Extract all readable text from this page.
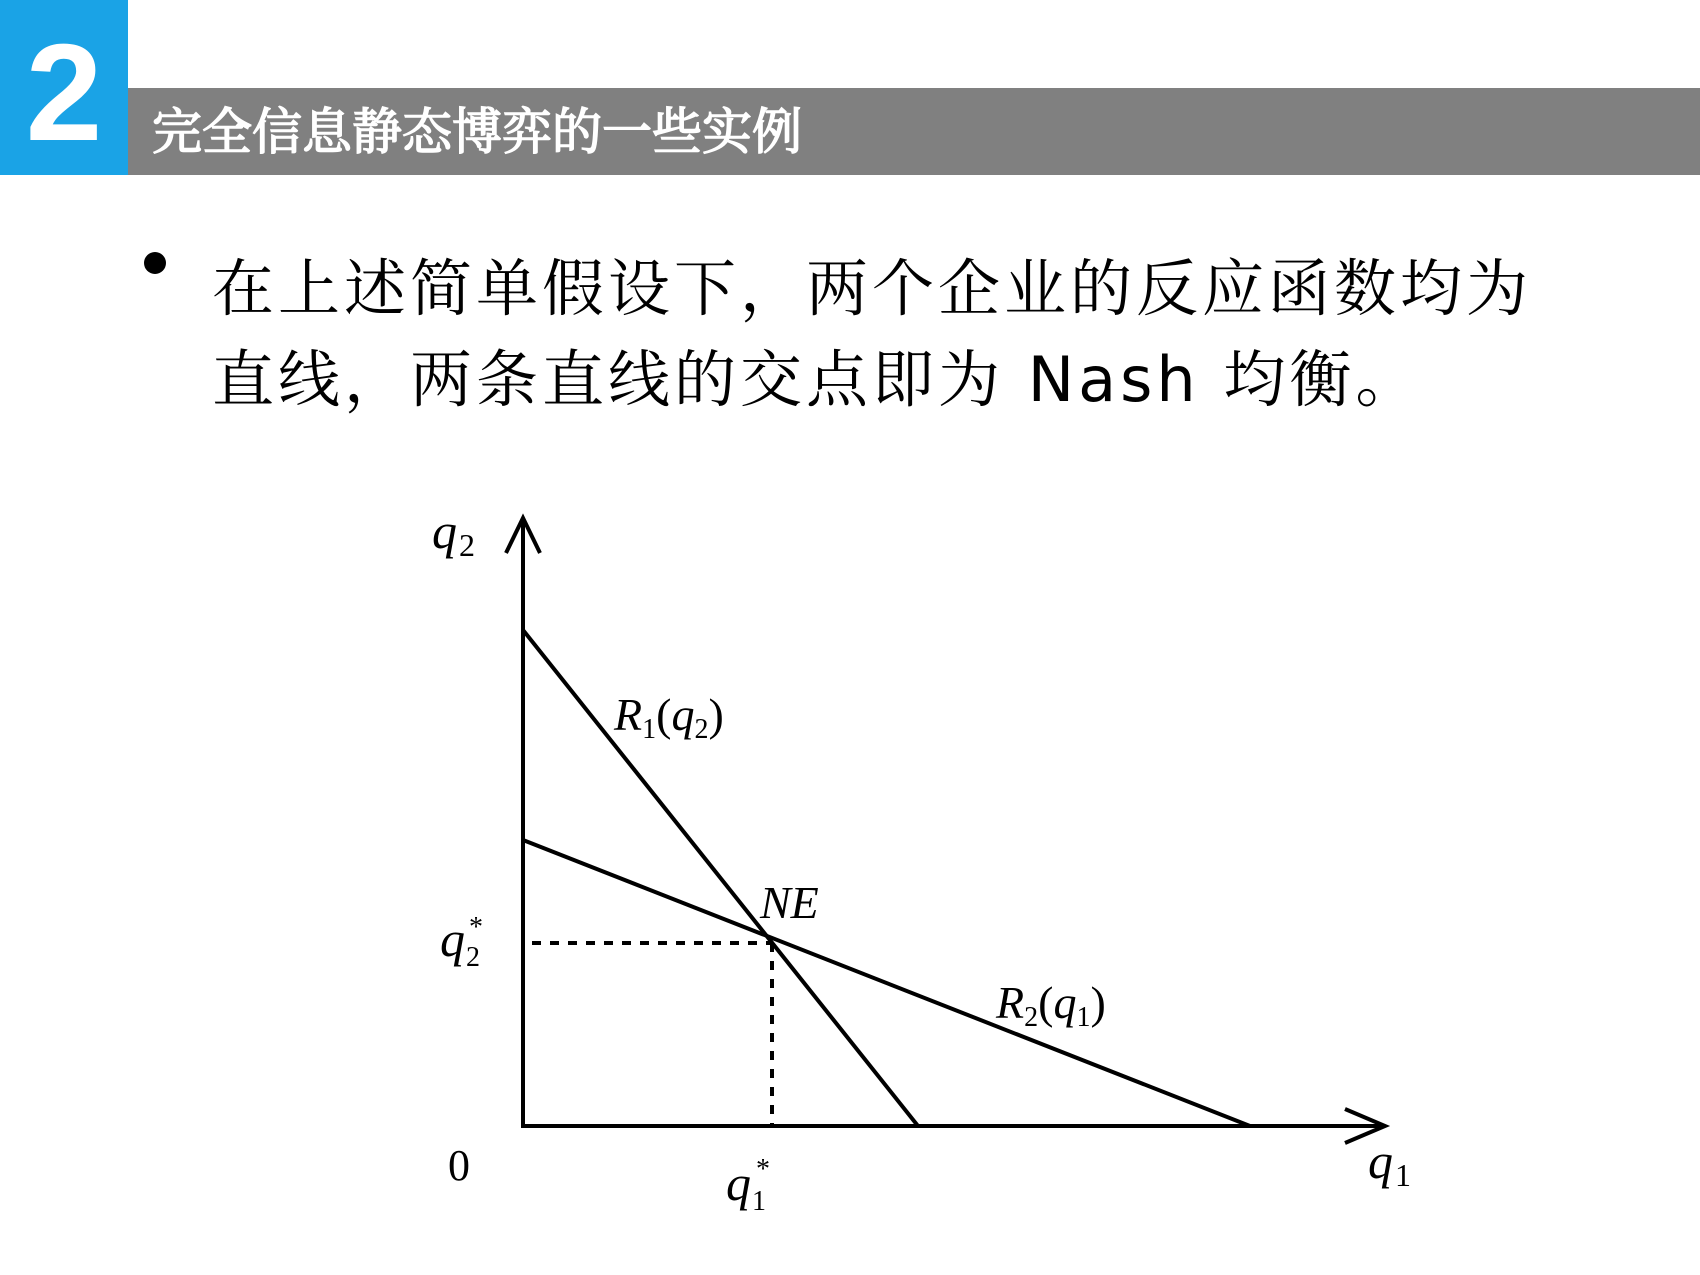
2 完全信息静态博弈的一些实例
在上述简单假设下，两个企业的反应函数均为直线，两条直线的交点即为 Nash 均衡。
q2
q1
0
q 2
*
q 1
*
R1(q2)
NE
R2(q1)
